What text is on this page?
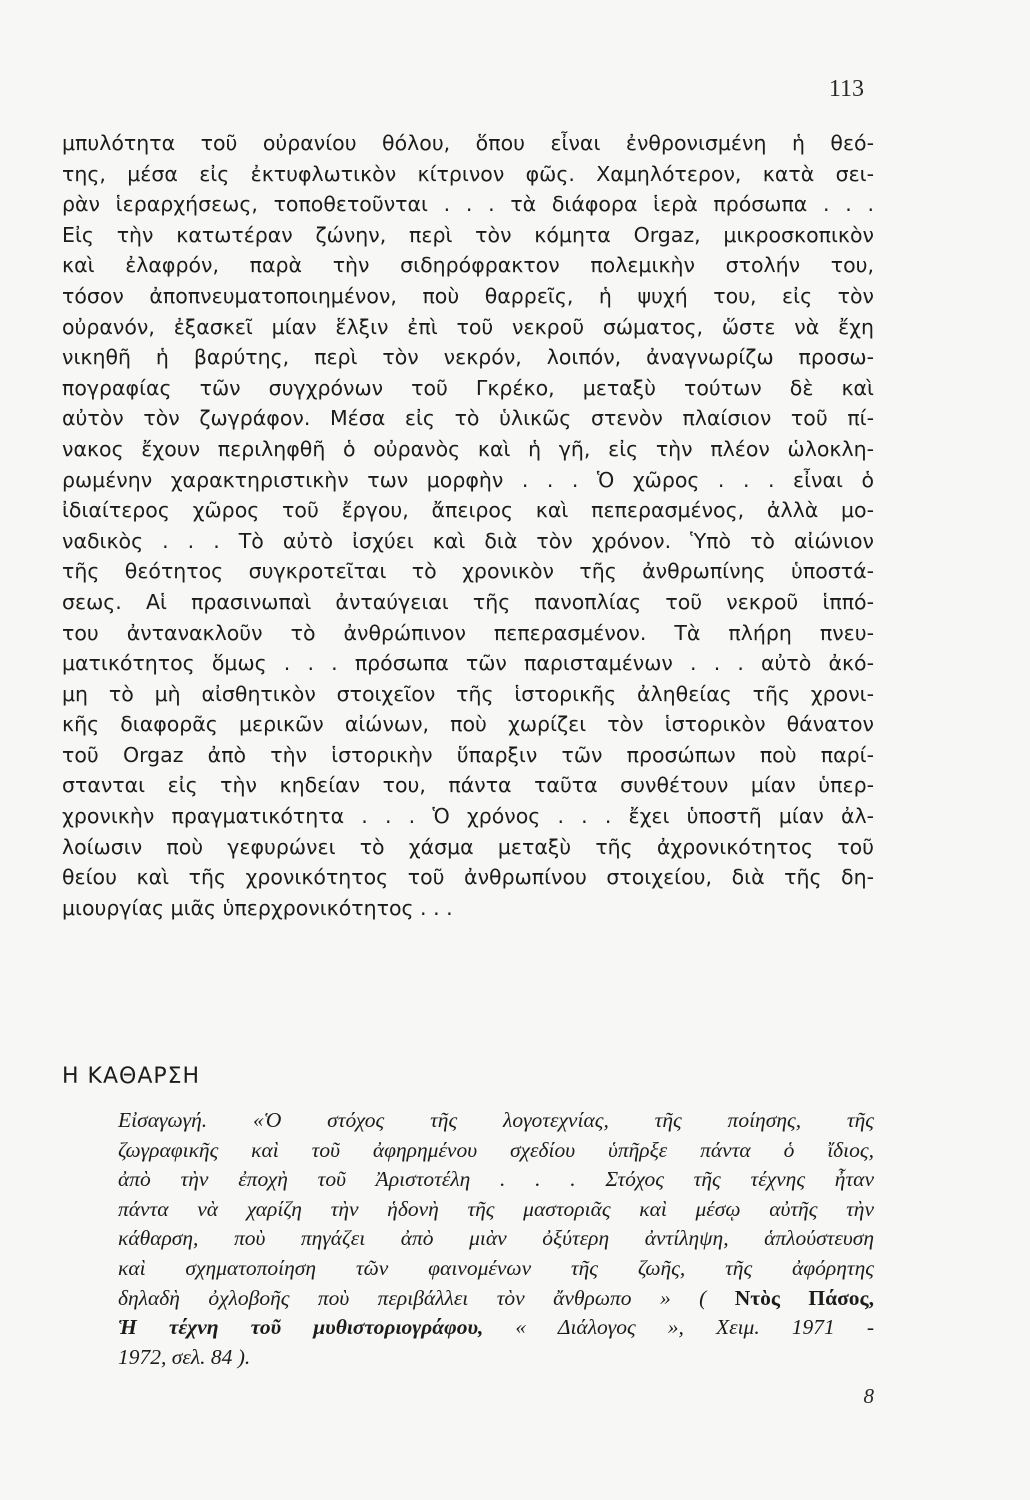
113
μπυλότητα τοῦ οὐρανίου θόλου, ὅπου εἶναι ἐνθρονισμένη ἡ θεό-
της, μέσα εἰς ἐκτυφλωτικὸν κίτρινον φῶς. Χαμηλότερον, κατὰ σει-
ρὰν ἱεραρχήσεως, τοποθετοῦνται . . . τὰ διάφορα ἱερὰ πρόσωπα . . .
Εἰς τὴν κατωτέραν ζώνην, περὶ τὸν κόμητα Orgaz, μικροσκοπικὸν
καὶ ἐλαφρόν, παρὰ τὴν σιδηρόφρακτον πολεμικὴν στολήν του,
τόσον ἀποπνευματοποιημένον, ποὺ θαρρεῖς, ἡ ψυχή του, εἰς τὸν
οὐρανόν, ἐξασκεῖ μίαν ἕλξιν ἐπὶ τοῦ νεκροῦ σώματος, ὥστε νὰ ἔχη
νικηθῆ ἡ βαρύτης, περὶ τὸν νεκρόν, λοιπόν, ἀναγνωρίζω προσω-
πογραφίας τῶν συγχρόνων τοῦ Γκρέκο, μεταξὺ τούτων δὲ καὶ
αὐτὸν τὸν ζωγράφον. Μέσα εἰς τὸ ὑλικῶς στενὸν πλαίσιον τοῦ πί-
νακος ἔχουν περιληφθῆ ὁ οὐρανὸς καὶ ἡ γῆ, εἰς τὴν πλέον ὡλοκλη-
ρωμένην χαρακτηριστικὴν των μορφὴν . . . Ὁ χῶρος . . . εἶναι ὁ
ἰδιαίτερος χῶρος τοῦ ἔργου, ἄπειρος καὶ πεπερασμένος, ἀλλὰ μο-
ναδικὸς . . . Τὸ αὐτὸ ἰσχύει καὶ διὰ τὸν χρόνον. Ὑπὸ τὸ αἰώνιον
τῆς θεότητος συγκροτεῖται τὸ χρονικὸν τῆς ἀνθρωπίνης ὑποστά-
σεως. Αἱ πρασινωπαὶ ἀνταύγειαι τῆς πανοπλίας τοῦ νεκροῦ ἱππό-
του ἀντανακλοῦν τὸ ἀνθρώπινον πεπερασμένον. Τὰ πλήρη πνευ-
ματικότητος ὅμως . . . πρόσωπα τῶν παρισταμένων . . . αὐτὸ ἀκό-
μη τὸ μὴ αἰσθητικὸν στοιχεῖον τῆς ἱστορικῆς ἀληθείας τῆς χρονι-
κῆς διαφορᾶς μερικῶν αἰώνων, ποὺ χωρίζει τὸν ἱστορικὸν θάνατον
τοῦ Orgaz ἀπὸ τὴν ἱστορικὴν ὕπαρξιν τῶν προσώπων ποὺ παρί-
στανται εἰς τὴν κηδείαν του, πάντα ταῦτα συνθέτουν μίαν ὑπερ-
χρονικὴν πραγματικότητα . . . Ὁ χρόνος . . . ἔχει ὑποστῆ μίαν ἀλ-
λοίωσιν ποὺ γεφυρώνει τὸ χάσμα μεταξὺ τῆς ἀχρονικότητος τοῦ
θείου καὶ τῆς χρονικότητος τοῦ ἀνθρωπίνου στοιχείου, διὰ τῆς δη-
μιουργίας μιᾶς ὑπερχρονικότητος . . .
Η ΚΑΘΑΡΣΗ
Εἰσαγωγή. «Ὁ στόχος τῆς λογοτεχνίας, τῆς ποίησης, τῆς
ζωγραφικῆς καὶ τοῦ ἀφηρημένου σχεδίου ὑπῆρξε πάντα ὁ ἴδιος,
ἀπὸ τὴν ἐποχὴ τοῦ Ἀριστοτέλη . . . Στόχος τῆς τέχνης ἦταν
πάντα νὰ χαρίζη τὴν ἡδονὴ τῆς μαστοριᾶς καὶ μέσῳ αὐτῆς τὴν
κάθαρση, ποὺ πηγάζει ἀπὸ μιὰν ὀξύτερη ἀντίληψη, ἁπλούστευση
καὶ σχηματοποίηση τῶν φαινομένων τῆς ζωῆς, τῆς ἀφόρητης
δηλαδὴ ὀχλοβοῆς ποὺ περιβάλλει τὸν ἄνθρωπο » ( Ντὸς Πάσος,
Ἡ τέχνη τοῦ μυθιστοριογράφου, « Διάλογος », Χειμ. 1971 -
1972, σελ. 84 ).
8
